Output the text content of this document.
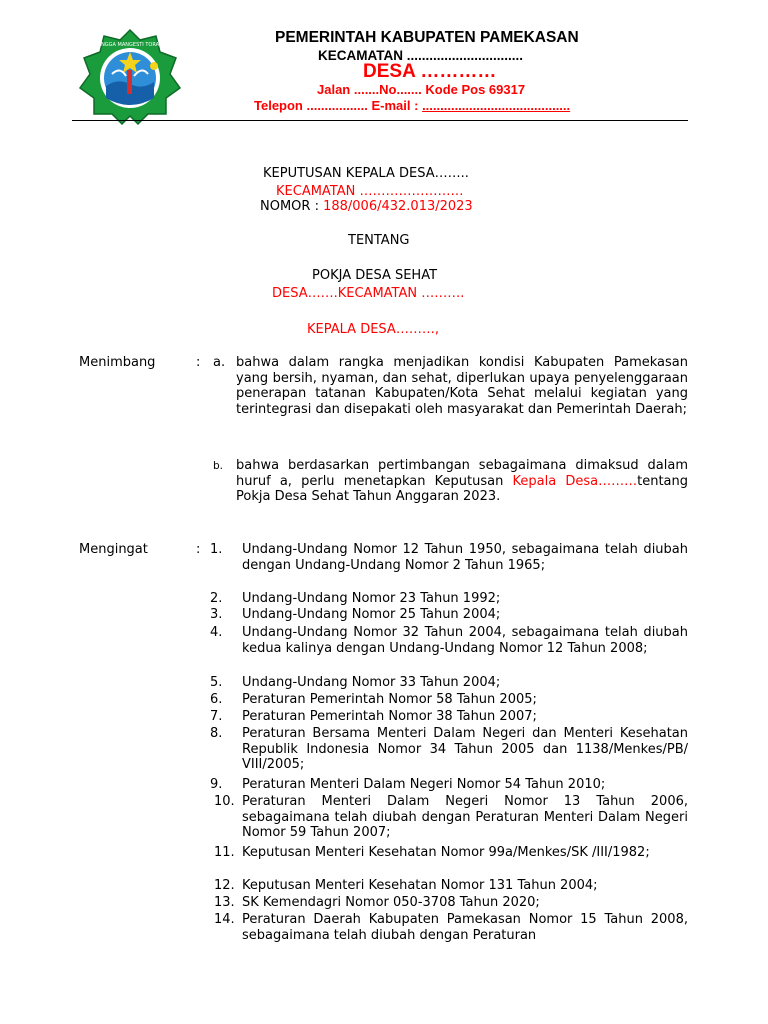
MANGGA MANGESTI TORANG	PEMERINTAH KABUPATEN PAMEKASAN
KECAMATAN ...............................
DESA …………
Jalan .......No....... Kode Pos 69317
Telepon ................. E-mail : .........................................
KEPUTUSAN KEPALA DESA……..
KECAMATAN ……………………
NOMOR : 188/006/432.013/2023
TENTANG
POKJA DESA SEHAT
DESA…….KECAMATAN ……….
KEPALA DESA………,
Menimbang	: a. bahwa dalam rangka menjadikan kondisi Kabupaten Pamekasan yang bersih, nyaman, dan sehat, diperlukan upaya penyelenggaraan penerapan tatanan Kabupaten/Kota Sehat melalui kegiatan yang terintegrasi dan disepakati oleh masyarakat dan Pemerintah Daerah;
b. bahwa berdasarkan pertimbangan sebagaimana dimaksud dalam huruf a, perlu menetapkan Keputusan Kepala Desa………tentang Pokja Desa Sehat Tahun Anggaran 2023.
Mengingat	: 1.	Undang-Undang Nomor 12 Tahun 1950, sebagaimana telah diubah dengan Undang-Undang Nomor 2 Tahun 1965;
2.	Undang-Undang Nomor 23 Tahun 1992;
3.	Undang-Undang Nomor 25 Tahun 2004;
4.	Undang-Undang Nomor 32 Tahun 2004, sebagaimana telah diubah kedua kalinya dengan Undang-Undang Nomor 12 Tahun 2008;
5.	Undang-Undang Nomor 33 Tahun 2004;
6.	Peraturan Pemerintah Nomor 58 Tahun 2005;
7.	Peraturan Pemerintah Nomor 38 Tahun 2007;
8.	Peraturan Bersama Menteri Dalam Negeri dan Menteri Kesehatan Republik Indonesia Nomor 34 Tahun 2005 dan 1138/Menkes/PB/ VIII/2005;
9.	Peraturan Menteri Dalam Negeri Nomor 54 Tahun 2010;
10. Peraturan Menteri Dalam Negeri Nomor 13 Tahun 2006, sebagaimana telah diubah dengan Peraturan Menteri Dalam Negeri Nomor 59 Tahun 2007;
11. Keputusan Menteri Kesehatan Nomor 99a/Menkes/SK /III/1982;
12. Keputusan Menteri Kesehatan Nomor 131 Tahun 2004;
13. SK Kemendagri Nomor 050-3708 Tahun 2020;
14. Peraturan Daerah Kabupaten Pamekasan Nomor 15 Tahun 2008, sebagaimana telah diubah dengan Peraturan
